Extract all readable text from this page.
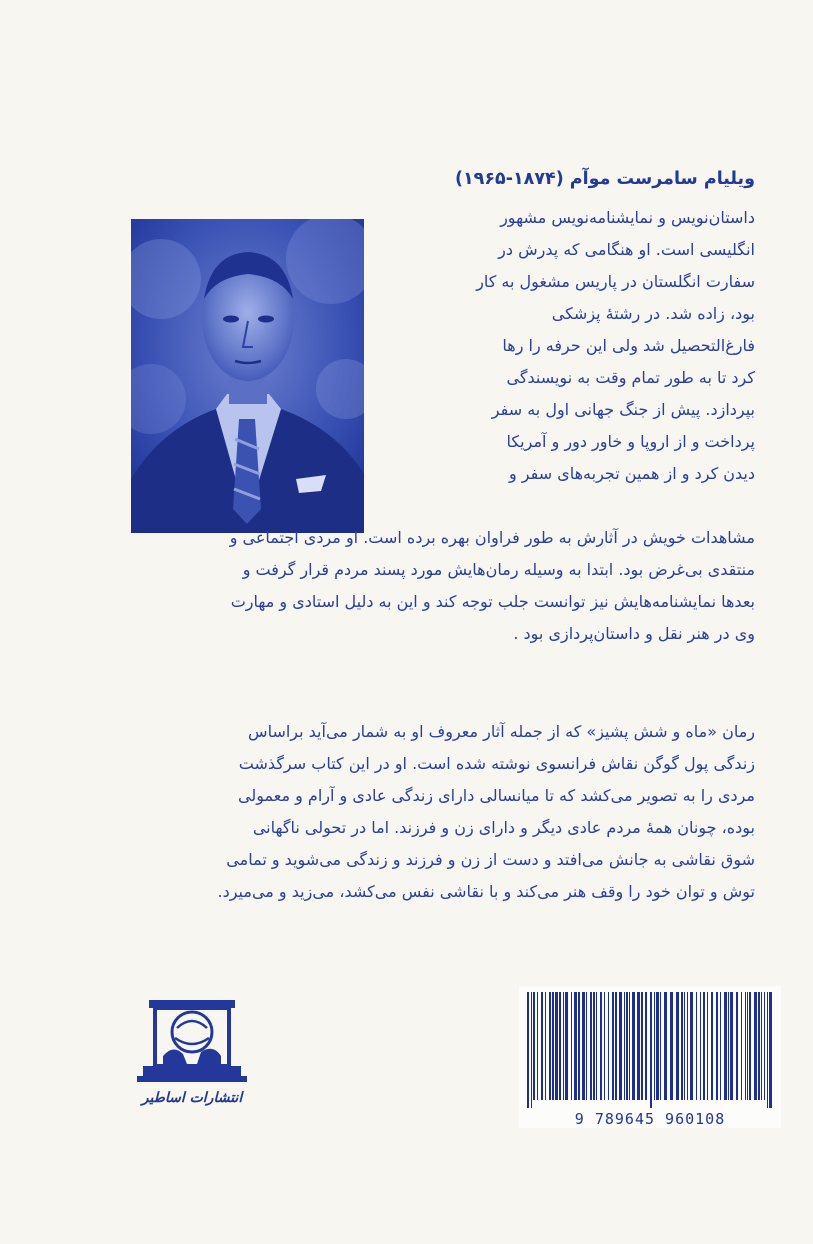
ویلیام سامرست موآم (۱۸۷۴-۱۹۶۵)
داستان‌نویس و نمایشنامه‌نویس مشهور
انگلیسی است. او هنگامی که پدرش در
سفارت انگلستان در پاریس مشغول به کار
بود، زاده شد. در رشتهٔ پزشکی
فارغ‌التحصیل شد ولی این حرفه را رها
کرد تا به طور تمام وقت به نویسندگی
بپردازد. پیش از جنگ جهانی اول به سفر
پرداخت و از اروپا و خاور دور و آمریکا
دیدن کرد و از همین تجربه‌های سفر و
مشاهدات خویش در آثارش به طور فراوان بهره برده است. او مردی اجتماعی و
منتقدی بی‌غرض بود. ابتدا به وسیله رمان‌هایش مورد پسند مردم قرار گرفت و
بعدها نمایشنامه‌هایش نیز توانست جلب توجه کند و این به دلیل استادی و مهارت
وی در هنر نقل و داستان‌پردازی بود .
رمان «ماه و شش پشیز» که از جمله آثار معروف او به شمار می‌آید براساس
زندگی پول گوگن نقاش فرانسوی نوشته شده است. او در این کتاب سرگذشت
مردی را به تصویر می‌کشد که تا میانسالی دارای زندگی عادی و آرام و معمولی
بوده، چونان همهٔ مردم عادی دیگر و دارای زن و فرزند. اما در تحولی ناگهانی
شوق نقاشی به جانش می‌افتد و دست از زن و فرزند و زندگی می‌شوید و تمامی
توش و توان خود را وقف هنر می‌کند و با نقاشی نفس می‌کشد، می‌زید و می‌میرد.
انتشارات اساطیر
9 789645 960108
